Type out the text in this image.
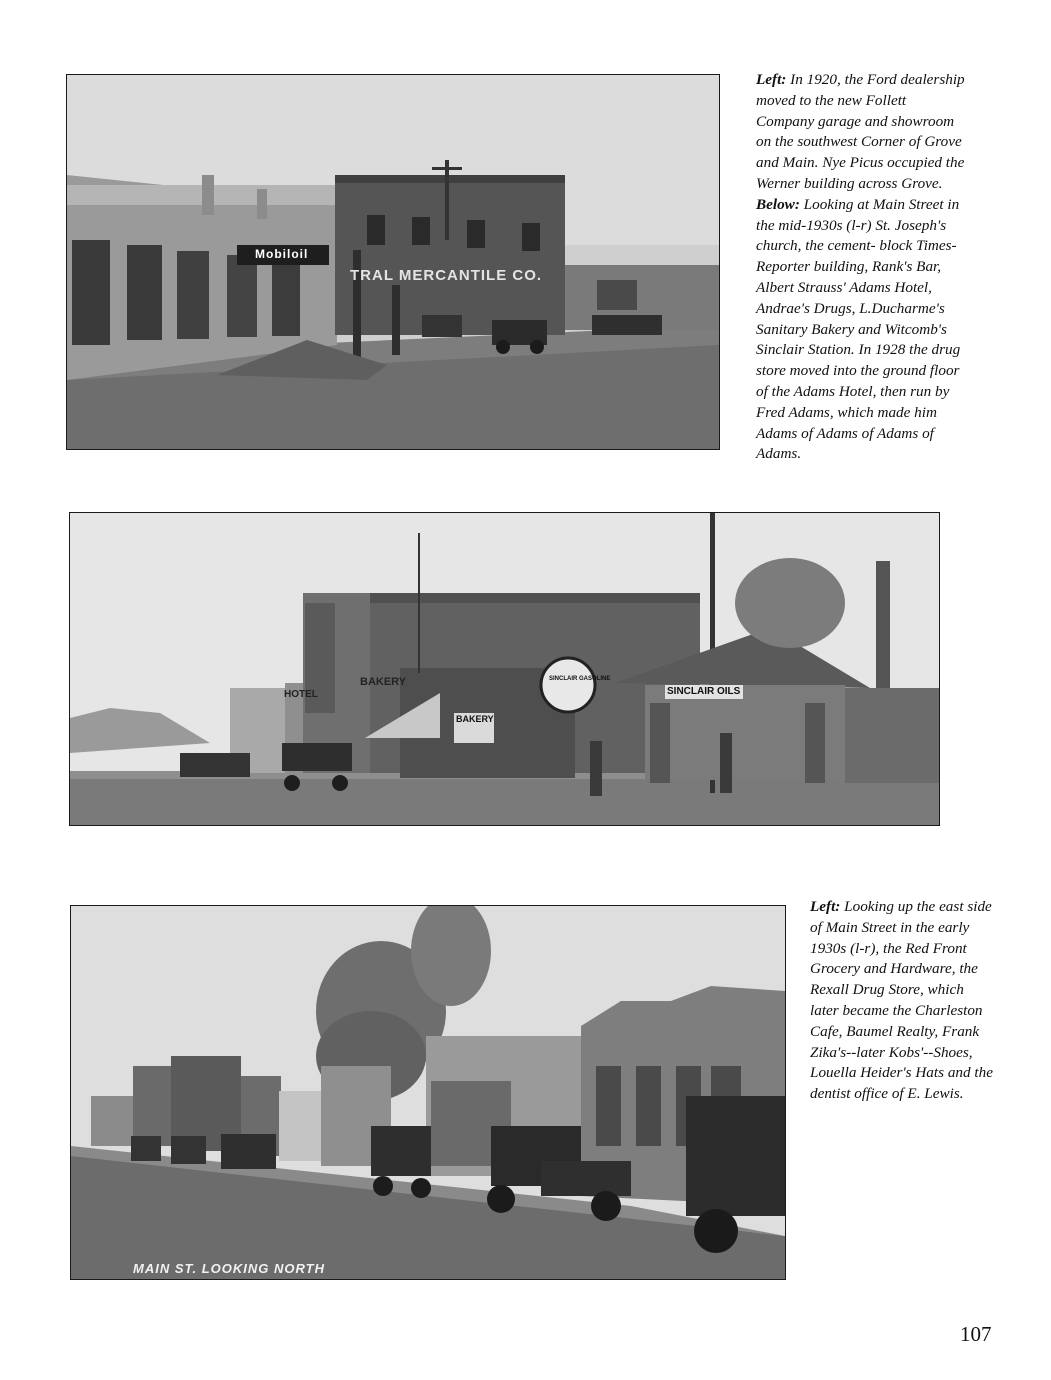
Mobiloil
TRAL MERCANTILE CO.
Left: In 1920, the Ford dealership moved to the new Follett Company garage and showroom on the southwest Corner of Grove and Main. Nye Picus occupied the Werner building across Grove. Below: Looking at Main Street in the mid-1930s (l-r) St. Joseph's church, the cement- block Times-Reporter building, Rank's Bar, Albert Strauss' Adams Hotel, Andrae's Drugs, L.Ducharme's Sanitary Bakery and Witcomb's Sinclair Station. In 1928 the drug store moved into the ground floor of the Adams Hotel, then run by Fred Adams, which made him Adams of Adams of Adams of Adams.
HOTEL
BAKERY
BAKERY
SINCLAIR GASOLINE
SINCLAIR OILS
MAIN ST. LOOKING NORTH
Left: Looking up the east side of Main Street in the early 1930s (l-r), the Red Front Grocery and Hardware, the Rexall Drug Store, which later became the Charleston Cafe, Baumel Realty, Frank Zika's--later Kobs'--Shoes, Louella Heider's Hats and the dentist office of E. Lewis.
107
